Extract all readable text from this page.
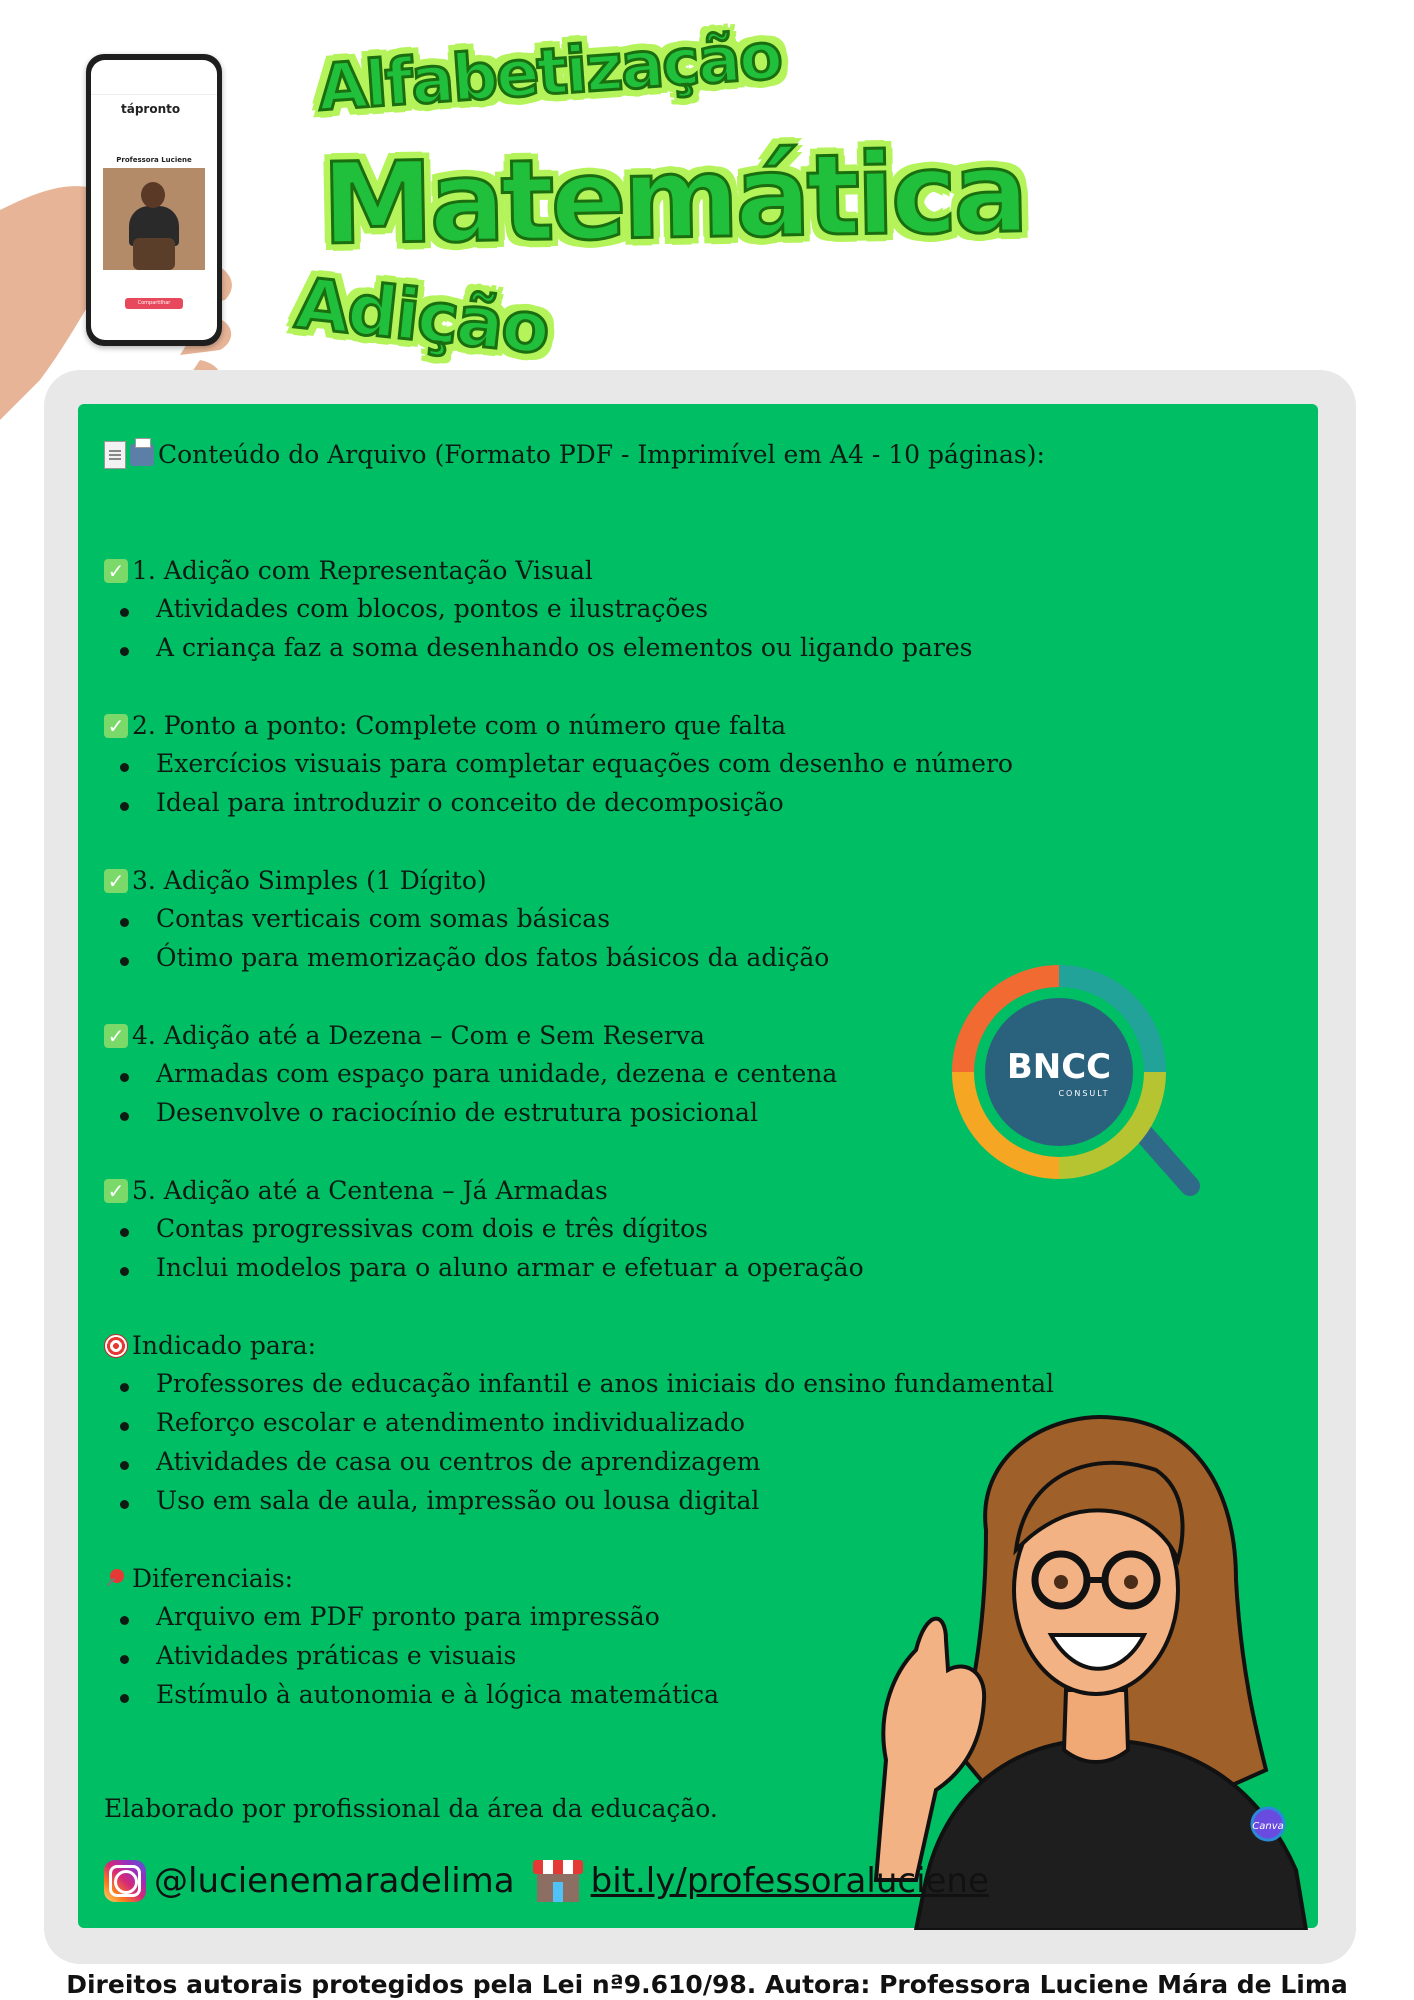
Alfabetização
Matemática
Adição
tápronto
Professora Luciene
Compartilhar
Conteúdo do Arquivo (Formato PDF - Imprimível em A4 - 10 páginas):
✓ 1. Adição com Representação Visual
Atividades com blocos, pontos e ilustrações
A criança faz a soma desenhando os elementos ou ligando pares
✓ 2. Ponto a ponto: Complete com o número que falta
Exercícios visuais para completar equações com desenho e número
Ideal para introduzir o conceito de decomposição
✓ 3. Adição Simples (1 Dígito)
Contas verticais com somas básicas
Ótimo para memorização dos fatos básicos da adição
✓ 4. Adição até a Dezena – Com e Sem Reserva
Armadas com espaço para unidade, dezena e centena
Desenvolve o raciocínio de estrutura posicional
✓ 5. Adição até a Centena – Já Armadas
Contas progressivas com dois e três dígitos
Inclui modelos para o aluno armar e efetuar a operação
Indicado para:
Professores de educação infantil e anos iniciais do ensino fundamental
Reforço escolar e atendimento individualizado
Atividades de casa ou centros de aprendizagem
Uso em sala de aula, impressão ou lousa digital
Diferenciais:
Arquivo em PDF pronto para impressão
Atividades práticas e visuais
Estímulo à autonomia e à lógica matemática
Elaborado por profissional da área da educação.
BNCC
CONSULT
Canva
@lucienemaradelima bit.ly/professoraluciene
Direitos autorais protegidos pela Lei nª9.610/98. Autora: Professora Luciene Mára de Lima
